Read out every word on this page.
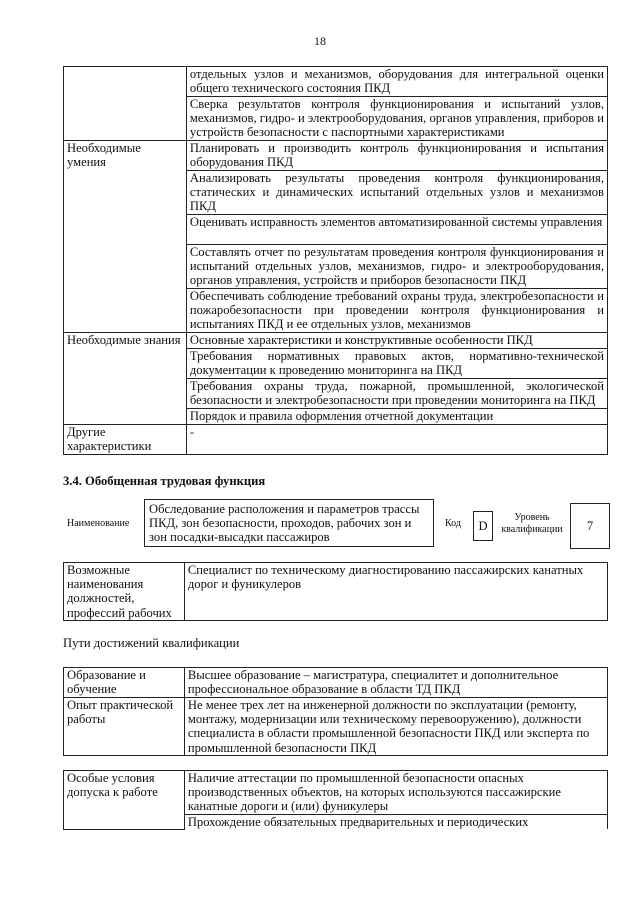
18
	отдельных узлов и механизмов, оборудования для интегральной оценки общего технического состояния ПКД
	Сверка результатов контроля функционирования и испытаний узлов, механизмов, гидро- и электрооборудования, органов управления, приборов и устройств безопасности с паспортными характеристиками
Необходимые умения	Планировать и производить контроль функционирования и испытания оборудования ПКД
	Анализировать результаты проведения контроля функционирования, статических и динамических испытаний отдельных узлов и механизмов ПКД
	Оценивать исправность элементов автоматизированной системы управления
	Составлять отчет по результатам проведения контроля функционирования и испытаний отдельных узлов, механизмов, гидро- и электрооборудования, органов управления, устройств и приборов безопасности ПКД
	Обеспечивать соблюдение требований охраны труда, электробезопасности и пожаробезопасности при проведении контроля функционирования и испытаниях ПКД и ее отдельных узлов, механизмов
Необходимые знания	Основные характеристики и конструктивные особенности ПКД
	Требования нормативных правовых актов, нормативно-технической документации к проведению мониторинга на ПКД
	Требования охраны труда, пожарной, промышленной, экологической безопасности и электробезопасности при проведении мониторинга на ПКД
	Порядок и правила оформления отчетной документации
Другие характеристики	-
3.4. Обобщенная трудовая функция
Наименование
Обследование расположения и параметров трассы ПКД, зон безопасности, проходов, рабочих зон и зон посадки-высадки пассажиров
Код	D
Уровень квалификации	7
Возможные наименования должностей, профессий рабочих	Специалист по техническому диагностированию пассажирских канатных дорог и фуникулеров
Пути достижений квалификации
Образование и обучение	Высшее образование – магистратура, специалитет и дополнительное профессиональное образование в области ТД ПКД
Опыт практической работы	Не менее трех лет на инженерной должности по эксплуатации (ремонту, монтажу, модернизации или техническому перевооружению), должности специалиста в области промышленной безопасности ПКД или эксперта по промышленной безопасности ПКД
Особые условия допуска к работе	Наличие аттестации по промышленной безопасности опасных производственных объектов, на которых используются пассажирские канатные дороги и (или) фуникулеры
Прохождение обязательных предварительных и периодических
